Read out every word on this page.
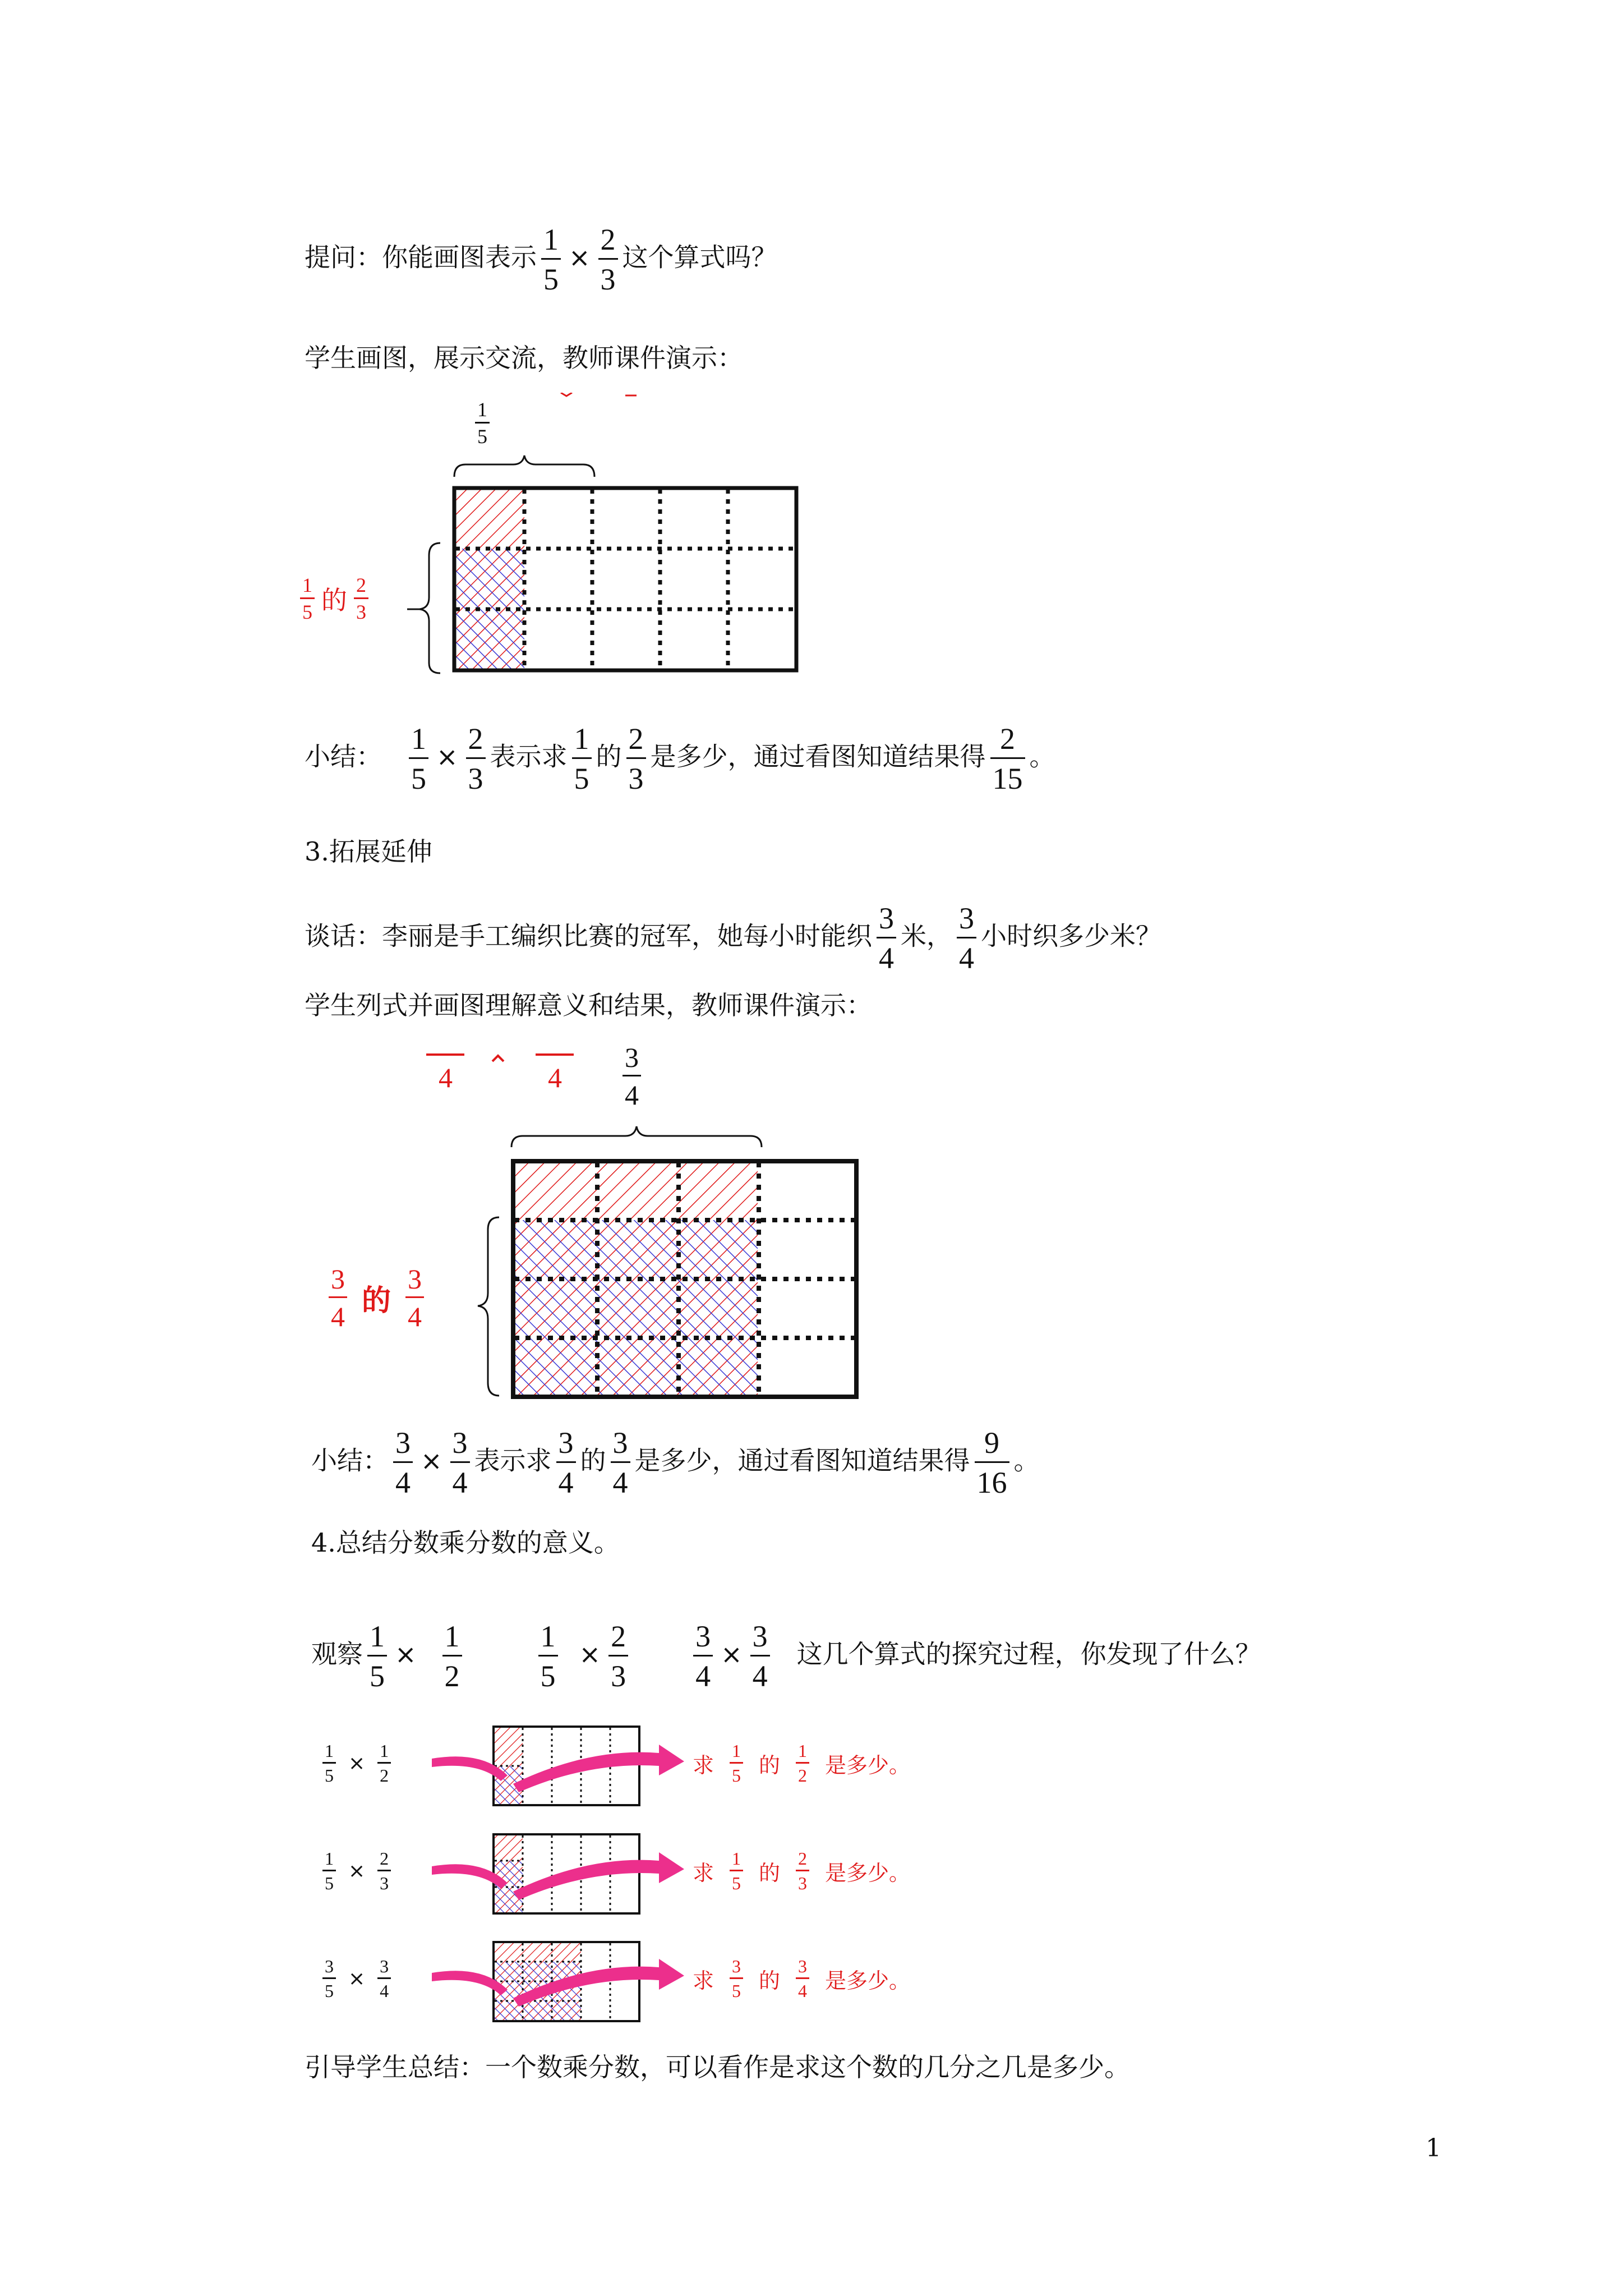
提问：你能画图表示 $\frac{1}{5} \times \frac{2}{3}$ 这个算式吗？
学生画图，展示交流，教师课件演示：
1
5
$\frac{1}{5}$ 的 $\frac{2}{3}$
小结： $\frac{1}{5} \times \frac{2}{3}$ 表示求 $\frac{1}{5}$ 的 $\frac{2}{3}$ 是多少，通过看图知道结果得 $\frac{2}{15}$ 。
3.拓展延伸
谈话：李丽是手工编织比赛的冠军，她每小时能织 $\frac{3}{4}$ 米， $\frac{3}{4}$ 小时织多少米？
学生列式并画图理解意义和结果，教师课件演示：
4	4
3
4
$\frac{3}{4}$ 的 $\frac{3}{4}$
小结： $\frac{3}{4} \times \frac{3}{4}$ 表示求 $\frac{3}{4}$ 的 $\frac{3}{4}$ 是多少，通过看图知道结果得 $\frac{9}{16}$ 。
4.总结分数乘分数的意义。
观察 $\frac{1}{5} \times \frac{1}{2}$	$\frac{1}{5} \times \frac{2}{3} \frac{3}{4} \times \frac{3}{4}$ 这几个算式的探究过程，你发现了什么？
$\frac{1}{5} \times \frac{1}{2}$	求 $\frac{1}{5}$ 的 $\frac{1}{2}$ 是多少。
$\frac{1}{5} \times \frac{2}{3}$	求 $\frac{1}{5}$ 的 $\frac{2}{3}$ 是多少。
$\frac{3}{5} \times \frac{3}{4}$	求 $\frac{3}{5}$ 的 $\frac{3}{4}$ 是多少。
引导学生总结：一个数乘分数，可以看作是求这个数的几分之几是多少。
1
